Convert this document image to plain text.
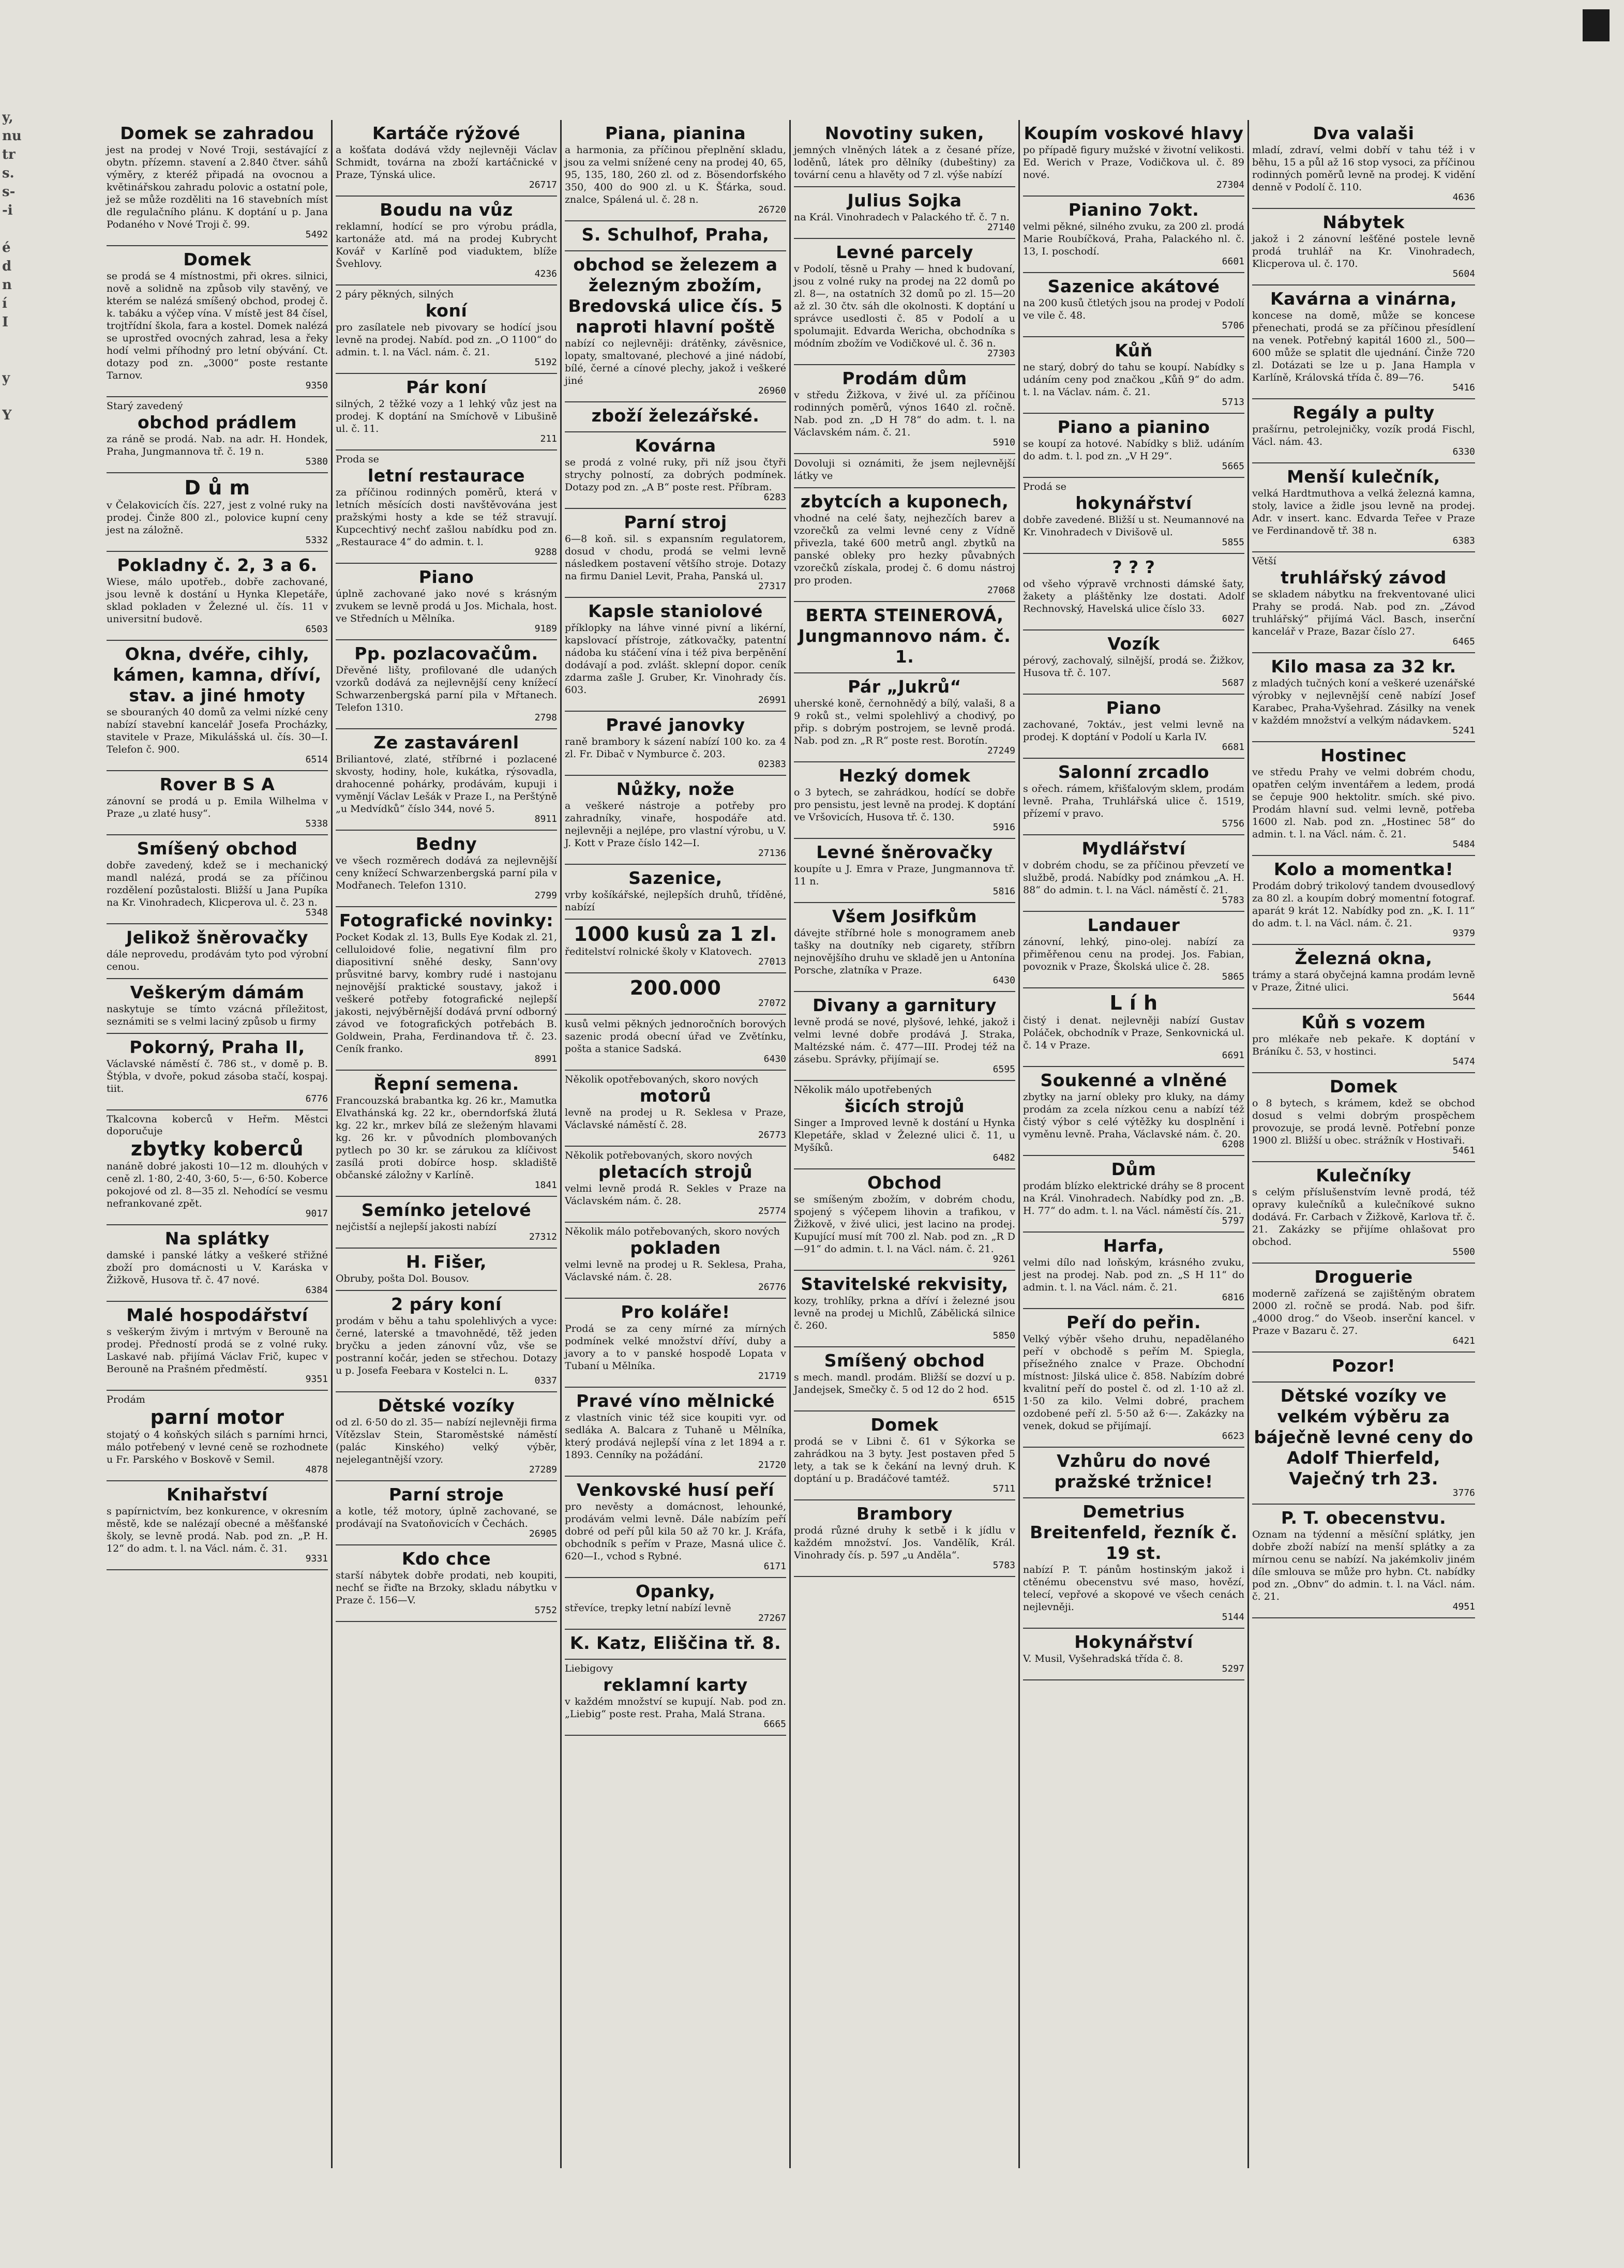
y,
nu
tr
s.
s-
-i
é
d
n
í
I
y
Y
Domek se zahradou
jest na prodej v Nové Troji, sestávající z obytn. přízemn. stavení a 2.840 čtver. sáhů výměry, z kteréž připadá na ovocnou a květinářskou zahradu polovic a ostatní pole, jež se může rozděliti na 16 stavebních míst dle regulačního plánu. K doptání u p. Jana Podaného v Nové Troji č. 99.
5492
Domek
se prodá se 4 místnostmi, při okres. silnici, nově a solidně na způsob vily stavěný, ve kterém se nalézá smíšený obchod, prodej č. k. tabáku a výčep vína. V místě jest 84 čísel, trojtřídní škola, fara a kostel. Domek nalézá se uprostřed ovocných zahrad, lesa a řeky hodí velmi příhodný pro letní obývání. Ct. dotazy pod zn. „3000“ poste restante Tarnov.
9350
Starý zavedený
obchod prádlem
za ráně se prodá. Nab. na adr. H. Hondek, Praha, Jungmannova tř. č. 19 n.
5380
D ů m
v Čelakovicích čís. 227, jest z volné ruky na prodej. Činže 800 zl., polovice kupní ceny jest na záložně.
5332
Pokladny č. 2, 3 a 6.
Wiese, málo upotřeb., dobře zachované, jsou levně k dostání u Hynka Klepetáře, sklad pokladen v Železné ul. čís. 11 v universitní budově.
6503
Okna, dvéře, cihly, kámen, kamna, dříví, stav. a jiné hmoty
se sbouraných 40 domů za velmi nízké ceny nabízí stavební kancelář Josefa Procházky, stavitele v Praze, Mikulášská ul. čís. 30—I. Telefon č. 900.
6514
Rover B S A
zánovní se prodá u p. Emila Wilhelma v Praze „u zlaté husy“.
5338
Smíšený obchod
dobře zavedený, kdež se i mechanický mandl nalézá, prodá se za příčinou rozdělení pozůstalosti. Bližší u Jana Pupíka na Kr. Vinohradech, Klicperova ul. č. 23 n.
5348
Jelikož šněrovačky
dále neprovedu, prodávám tyto pod výrobní cenou.
Veškerým dámám
naskytuje se tímto vzácná příležitost, seznámiti se s velmi laciný způsob u firmy
Pokorný, Praha II,
Václavské náměstí č. 786 st., v domě p. B. Štýbla, v dvoře, pokud zásoba stačí, kospaj. tiit.
6776
Tkalcovna koberců v Heřm. Městci doporučuje
zbytky koberců
nanáně dobré jakosti 10—12 m. dlouhých v ceně zl. 1·80, 2·40, 3·60, 5·—, 6·50. Koberce pokojové od zl. 8—35 zl. Nehodící se vesmu nefrankované zpět.
9017
Na splátky
damské i panské látky a veškeré střižné zboží pro domácnosti u V. Karáska v Žižkově, Husova tř. č. 47 nové.
6384
Malé hospodářství
s veškerým živým i mrtvým v Berouně na prodej. Předností prodá se z volné ruky. Laskavé nab. přijímá Václav Frič, kupec v Berouně na Prašném předměstí.
9351
Prodám
parní motor
stojatý o 4 koňských silách s parními hrnci, málo potřebený v levné ceně se rozhodnete u Fr. Parského v Boskově v Semil.
4878
Knihařství
s papírnictvím, bez konkurence, v okresním městě, kde se nalézají obecné a měšťanské školy, se levně prodá. Nab. pod zn. „P. H. 12“ do adm. t. l. na Václ. nám. č. 31.
9331
Kartáče rýžové
a košťata dodává vždy nejlevněji Václav Schmidt, továrna na zboží kartáčnické v Praze, Týnská ulice.
26717
Boudu na vůz
reklamní, hodící se pro výrobu prádla, kartonáže atd. má na prodej Kubrycht Kovář v Karlíně pod viaduktem, blíže Švehlovy.
4236
2 páry pěkných, silných
koní
pro zasílatele neb pivovary se hodící jsou levně na prodej. Nabíd. pod zn. „O 1100“ do admin. t. l. na Václ. nám. č. 21.
5192
Pár koní
silných, 2 těžké vozy a 1 lehký vůz jest na prodej. K doptání na Smíchově v Libušině ul. č. 11.
211
Proda se
letní restaurace
za příčinou rodinných poměrů, která v letních měsících dosti navštěvována jest pražskými hosty a kde se též stravují. Kupcechtivý nechť zašlou nabídku pod zn. „Restaurace 4“ do admin. t. l.
9288
Piano
úplně zachované jako nové s krásným zvukem se levně prodá u Jos. Michala, host. ve Středních u Mělníka.
9189
Pp. pozlacovačům.
Dřevěné lišty, profilované dle udaných vzorků dodává za nejlevnější ceny knížecí Schwarzenbergská parní pila v Mřtanech. Telefon 1310.
2798
Ze zastavárenl
Briliantové, zlaté, stříbrné i pozlacené skvosty, hodiny, hole, kukátka, rýsovadla, drahocenné pohárky, prodávám, kupuji i vyměnjí Václav Lešák v Praze I., na Perštýně „u Medvídků“ číslo 344, nové 5.
8911
Bedny
ve všech rozměrech dodává za nejlevnější ceny knížecí Schwarzenbergská parní pila v Modřanech. Telefon 1310.
2799
Fotografické novinky:
Pocket Kodak zl. 13, Bulls Eye Kodak zl. 21, celluloidové folie, negativní film pro diapositivní sněhé desky, Sann'ovy průsvitné barvy, kombry rudé i nastojanu nejnovější praktické soustavy, jakož i veškeré potřeby fotografické nejlepší jakosti, nejvýběrnější dodává první odborný závod ve fotografických potřebách B. Goldwein, Praha, Ferdinandova tř. č. 23. Ceník franko.
8991
Řepní semena.
Francouzská brabantka kg. 26 kr., Mamutka Elvathánská kg. 22 kr., oberndorfská žlutá kg. 22 kr., mrkev bílá ze sleženým hlavami kg. 26 kr. v původních plombovaných pytlech po 30 kr. se zárukou za klíčivost zasílá proti dobírce hosp. skladiště občanské záložny v Karlíně.
1841
Semínko jetelové
nejčistší a nejlepší jakosti nabízí
27312
H. Fišer,
Obruby, pošta Dol. Bousov.
2 páry koní
prodám v běhu a tahu spolehlivých a vyce: černé, laterské a tmavohnědé, těž jeden bryčku a jeden zánovní vůz, vše se postranní kočár, jeden se střechou. Dotazy u p. Josefa Feebara v Kostelci n. L.
0337
Dětské vozíky
od zl. 6·50 do zl. 35— nabízí nejlevněji firma Vítězslav Stein, Staroměstské náměstí (palác Kinského) velký výběr, nejelegantnější vzory.
27289
Parní stroje
a kotle, též motory, úplně zachované, se prodávají na Svatoňovicích v Čechách.
26905
Kdo chce
starší nábytek dobře prodati, neb koupiti, nechť se řiďte na Brzoky, skladu nábytku v Praze č. 156—V.
5752
Piana, pianina
a harmonia, za příčinou přeplnění skladu, jsou za velmi snížené ceny na prodej 40, 65, 95, 135, 180, 260 zl. od z. Bösendorfského 350, 400 do 900 zl. u K. Šťárka, soud. znalce, Spálená ul. č. 28 n.
26720
S. Schulhof, Praha,
obchod se železem a železným zbožím, Bredovská ulice čís. 5 naproti hlavní poště
nabízí co nejlevněji: drátěnky, závěsnice, lopaty, smaltované, plechové a jiné nádobí, bílé, černé a cínové plechy, jakož i veškeré jiné
26960
zboží železářské.
Kovárna
se prodá z volné ruky, při níž jsou čtyři strychy polností, za dobrých podmínek. Dotazy pod zn. „A B“ poste rest. Příbram.
6283
Parní stroj
6—8 koň. sil. s expansním regulatorem, dosud v chodu, prodá se velmi levně následkem postavení většího stroje. Dotazy na firmu Daniel Levit, Praha, Panská ul.
27317
Kapsle staniolové
příklopky na láhve vinné pivní a likérní, kapslovací přístroje, zátkovačky, patentní nádoba ku stáčení vína i též piva berpěnění dodávají a pod. zvlášt. sklepní dopor. ceník zdarma zašle J. Gruber, Kr. Vinohrady čís. 603.
26991
Pravé janovky
raně brambory k sázení nabízí 100 ko. za 4 zl. Fr. Dibač v Nymburce č. 203.
02383
Nůžky, nože
a veškeré nástroje a potřeby pro zahradníky, vinaře, hospodáře atd. nejlevněji a nejlépe, pro vlastní výrobu, u V. J. Kott v Praze číslo 142—I.
27136
Sazenice,
vrby košíkářské, nejlepších druhů, tříděné, nabízí
1000 kusů za 1 zl.
ředitelství rolnické školy v Klatovech.
27013
200.000
27072
kusů velmi pěkných jednoročních borových sazenic prodá obecní úřad ve Zvětínku, pošta a stanice Sadská.
6430
Několik opotřebovaných, skoro nových
motorů
levně na prodej u R. Seklesa v Praze, Václavské náměstí č. 28.
26773
Několik potřebovaných, skoro nových
pletacích strojů
velmi levně prodá R. Sekles v Praze na Václavském nám. č. 28.
25774
Několik málo potřebovaných, skoro nových
pokladen
velmi levně na prodej u R. Seklesa, Praha, Václavské nám. č. 28.
26776
Pro koláře!
Prodá se za ceny mírné za mírných podmínek velké množství dříví, duby a javory a to v panské hospodě Lopata v Tubaní u Mělníka.
21719
Pravé víno mělnické
z vlastních vinic též sice koupiti vyr. od sedláka A. Balcara z Tuhaně u Mělníka, který prodává nejlepší vína z let 1894 a r. 1893. Cenníky na požádání.
21720
Venkovské husí peří
pro nevěsty a domácnost, lehounké, prodávám velmi levně. Dále nabízím peří dobré od peří půl kila 50 až 70 kr. J. Kráfa, obchodník s peřím v Praze, Masná ulice č. 620—I., vchod s Rybné.
6171
Opanky,
střevíce, trepky letní nabízí levně
27267
K. Katz, Eliščina tř. 8.
Liebigovy
reklamní karty
v každém množství se kupují. Nab. pod zn. „Liebig“ poste rest. Praha, Malá Strana.
6665
Novotiny suken,
jemných vlněných látek a z česané příze, loděnů, látek pro dělníky (dubeštiny) za tovární cenu a hlavěty od 7 zl. výše nabízí
Julius Sojka
na Král. Vinohradech v Palackého tř. č. 7 n.
27140
Levné parcely
v Podolí, těsně u Prahy — hned k budovaní, jsou z volné ruky na prodej na 22 domů po zl. 8—, na ostatních 32 domů po zl. 15—20 až zl. 30 čtv. sáh dle okolnosti. K doptání u správce usedlosti č. 85 v Podolí a u spolumajit. Edvarda Wericha, obchodníka s módním zbožím ve Vodičkové ul. č. 36 n.
27303
Prodám dům
v středu Žižkova, v živé ul. za příčinou rodinných poměrů, výnos 1640 zl. ročně. Nab. pod zn. „D H 78“ do adm. t. l. na Václavském nám. č. 21.
5910
Dovoluji si oznámiti, že jsem nejlevnější látky ve
zbytcích a kuponech,
vhodné na celé šaty, nejhezčích barev a vzorečků za velmi levné ceny z Vídně přivezla, také 600 metrů angl. zbytků na panské obleky pro hezky půvabných vzorečků získala, prodej č. 6 domu nástroj pro proden.
27068
BERTA STEINEROVÁ, Jungmannovo nám. č. 1.
Pár „Jukrů“
uherské koně, černohnědý a bílý, valaši, 8 a 9 roků st., velmi spolehlivý a chodivý, po přip. s dobrým postrojem, se levně prodá. Nab. pod zn. „R R“ poste rest. Borotín.
27249
Hezký domek
o 3 bytech, se zahrádkou, hodící se dobře pro pensistu, jest levně na prodej. K doptání ve Vršovicích, Husova tř. č. 130.
5916
Levné šněrovačky
koupíte u J. Emra v Praze, Jungmannova tř. 11 n.
5816
Všem Josifkům
dávejte stříbrné hole s monogramem aneb tašky na doutníky neb cigarety, stříbrn nejnovějšího druhu ve skladě jen u Antonína Porsche, zlatníka v Praze.
6430
Divany a garnitury
levně prodá se nové, plyšové, lehké, jakož i velmi levné dobře prodává J. Straka, Maltézské nám. č. 477—III. Prodej též na zásebu. Správky, přijímají se.
6595
Několik málo upotřebených
šicích strojů
Singer a Improved levně k dostání u Hynka Klepetáře, sklad v Železné ulici č. 11, u Myšíků.
6482
Obchod
se smíšeným zbožím, v dobrém chodu, spojený s výčepem lihovin a trafikou, v Žižkově, v živé ulici, jest lacino na prodej. Kupující musí mít 700 zl. Nab. pod zn. „R D—91“ do admin. t. l. na Václ. nám. č. 21.
9261
Stavitelské rekvisity,
kozy, trohlíky, prkna a dříví i železné jsou levně na prodej u Michlů, Zábělická silnice č. 260.
5850
Smíšený obchod
s mech. mandl. prodám. Bližší se dozví u p. Jandejsek, Smečky č. 5 od 12 do 2 hod.
6515
Domek
prodá se v Libni č. 61 v Sýkorka se zahrádkou na 3 byty. Jest postaven před 5 lety, a tak se k čekání na levný druh. K doptání u p. Bradáčové tamtéž.
5711
Brambory
prodá různé druhy k setbě i k jídlu v každém množství. Jos. Vandělík, Král. Vinohrady čís. p. 597 „u Anděla“.
5783
Koupím voskové hlavy
po případě figury mužské v životní velikosti. Ed. Werich v Praze, Vodičkova ul. č. 89 nové.
27304
Pianino 7okt.
velmi pěkné, silného zvuku, za 200 zl. prodá Marie Roubíčková, Praha, Palackého nl. č. 13, I. poschodí.
6601
Sazenice akátové
na 200 kusů čtletých jsou na prodej v Podolí ve vile č. 48.
5706
Kůň
ne starý, dobrý do tahu se koupí. Nabídky s udáním ceny pod značkou „Kůň 9“ do adm. t. l. na Václav. nám. č. 21.
5713
Piano a pianino
se koupí za hotové. Nabídky s bliž. udáním do adm. t. l. pod zn. „V H 29“.
5665
Prodá se
hokynářství
dobře zavedené. Bližší u st. Neumannové na Kr. Vinohradech v Divišově ul.
5855
? ? ?
od všeho výpravě vrchnosti dámské šaty, žakety a pláštěnky lze dostati. Adolf Rechnovský, Havelská ulice číslo 33.
6027
Vozík
pérový, zachovalý, silnější, prodá se. Žižkov, Husova tř. č. 107.
5687
Piano
zachované, 7oktáv., jest velmi levně na prodej. K doptání v Podolí u Karla IV.
6681
Salonní zrcadlo
s ořech. rámem, křišťalovým sklem, prodám levně. Praha, Truhlářská ulice č. 1519, přízemí v pravo.
5756
Mydlářství
v dobrém chodu, se za příčinou převzetí ve službě, prodá. Nabídky pod známkou „A. H. 88“ do admin. t. l. na Václ. náměstí č. 21.
5783
Landauer
zánovní, lehký, pino-olej. nabízí za přiměřenou cenu na prodej. Jos. Fabian, povoznik v Praze, Školská ulice č. 28.
5865
L í h
čistý i denat. nejlevněji nabízí Gustav Poláček, obchodník v Praze, Senkovnická ul. č. 14 v Praze.
6691
Soukenné a vlněné
zbytky na jarní obleky pro kluky, na dámy prodám za zcela nízkou cenu a nabízí též čistý výbor s celé výtěžky ku dosplnění i vyměnu levně. Praha, Václavské nám. č. 20.
6208
Dům
prodám blízko elektrické dráhy se 8 procent na Král. Vinohradech. Nabídky pod zn. „B. H. 77“ do adm. t. l. na Václ. náměstí čís. 21.
5797
Harfa,
velmi dílo nad loňským, krásného zvuku, jest na prodej. Nab. pod zn. „S H 11“ do admin. t. l. na Václ. nám. č. 21.
6816
Peří do peřin.
Velký výběr všeho druhu, nepadělaného peří v obchodě s peřím M. Spiegla, přísežného znalce v Praze. Obchodní místnost: Jilská ulice č. 858. Nabízím dobré kvalitní peří do postel č. od zl. 1·10 až zl. 1·50 za kilo. Velmi dobré, prachem ozdobené peří zl. 5·50 až 6·—. Zakázky na venek, dokud se přijímají.
6623
Vzhůru do nové pražské tržnice!
Demetrius Breitenfeld, řezník č. 19 st.
nabízí P. T. pánům hostinským jakož i ctěnému obecenstvu své maso, hovězí, telecí, vepřové a skopové ve všech cenách nejlevněji.
5144
Hokynářství
V. Musil, Vyšehradská třída č. 8.
5297
Dva valaši
mladí, zdraví, velmi dobří v tahu též i v běhu, 15 a půl až 16 stop vysoci, za příčinou rodinných poměrů levně na prodej. K vidění denně v Podolí č. 110.
4636
Nábytek
jakož i 2 zánovní lešťěné postele levně prodá truhlář na Kr. Vinohradech, Klicperova ul. č. 170.
5604
Kavárna a vinárna,
koncese na domě, může se koncese přenechati, prodá se za příčinou přesídlení na venek. Potřebný kapitál 1600 zl., 500—600 může se splatit dle ujednání. Činže 720 zl. Dotázati se lze u p. Jana Hampla v Karlíně, Královská třída č. 89—76.
5416
Regály a pulty
prašírnu, petrolejničky, vozík prodá Fischl, Václ. nám. 43.
6330
Menší kulečník,
velká Hardtmuthova a velká železná kamna, stoly, lavice a židle jsou levně na prodej. Adr. v insert. kanc. Edvarda Teřee v Praze ve Ferdinandově tř. 38 n.
6383
Větší
truhlářský závod
se skladem nábytku na frekventované ulici Prahy se prodá. Nab. pod zn. „Závod truhlářský“ přijímá Václ. Basch, inserční kancelář v Praze, Bazar číslo 27.
6465
Kilo masa za 32 kr.
z mladých tučných koní a veškeré uzenářské výrobky v nejlevnější ceně nabízí Josef Karabec, Praha-Vyšehrad. Zásilky na venek v každém množství a velkým nádavkem.
5241
Hostinec
ve středu Prahy ve velmi dobrém chodu, opatřen celým inventářem a ledem, prodá se čepuje 900 hektolitr. smích. ské pivo. Prodám hlavní sud. velmi levně, potřeba 1600 zl. Nab. pod zn. „Hostinec 58“ do admin. t. l. na Václ. nám. č. 21.
5484
Kolo a momentka!
Prodám dobrý trikolový tandem dvousedlový za 80 zl. a koupím dobrý momentní fotograf. aparát 9 krát 12. Nabídky pod zn. „K. I. 11“ do adm. t. l. na Václ. nám. č. 21.
9379
Železná okna,
trámy a stará obyčejná kamna prodám levně v Praze, Žitné ulici.
5644
Kůň s vozem
pro mlékaře neb pekaře. K doptání v Bráníku č. 53, v hostinci.
5474
Domek
o 8 bytech, s krámem, kdež se obchod dosud s velmi dobrým prospěchem provozuje, se prodá levně. Potřební ponze 1900 zl. Bližší u obec. strážník v Hostivaři.
5461
Kulečníky
s celým příslušenstvím levně prodá, též opravy kulečníků a kulečníkové sukno dodává. Fr. Carbach v Žižkově, Karlova tř. č. 21. Zakázky se přijíme ohlašovat pro obchod.
5500
Droguerie
moderně zařízená se zajištěným obratem 2000 zl. ročně se prodá. Nab. pod šifr. „4000 drog.“ do Všeob. inserční kancel. v Praze v Bazaru č. 27.
6421
Pozor!
Dětské vozíky ve velkém výběru za báječně levné ceny do Adolf Thierfeld, Vaječný trh 23.
3776
P. T. obecenstvu.
Oznam na týdenní a měsíční splátky, jen dobře zboží nabízí na menší splátky a za mírnou cenu se nabízí. Na jakémkoliv jiném díle smlouva se může pro hybn. Ct. nabídky pod zn. „Obnv“ do admin. t. l. na Václ. nám. č. 21.
4951
